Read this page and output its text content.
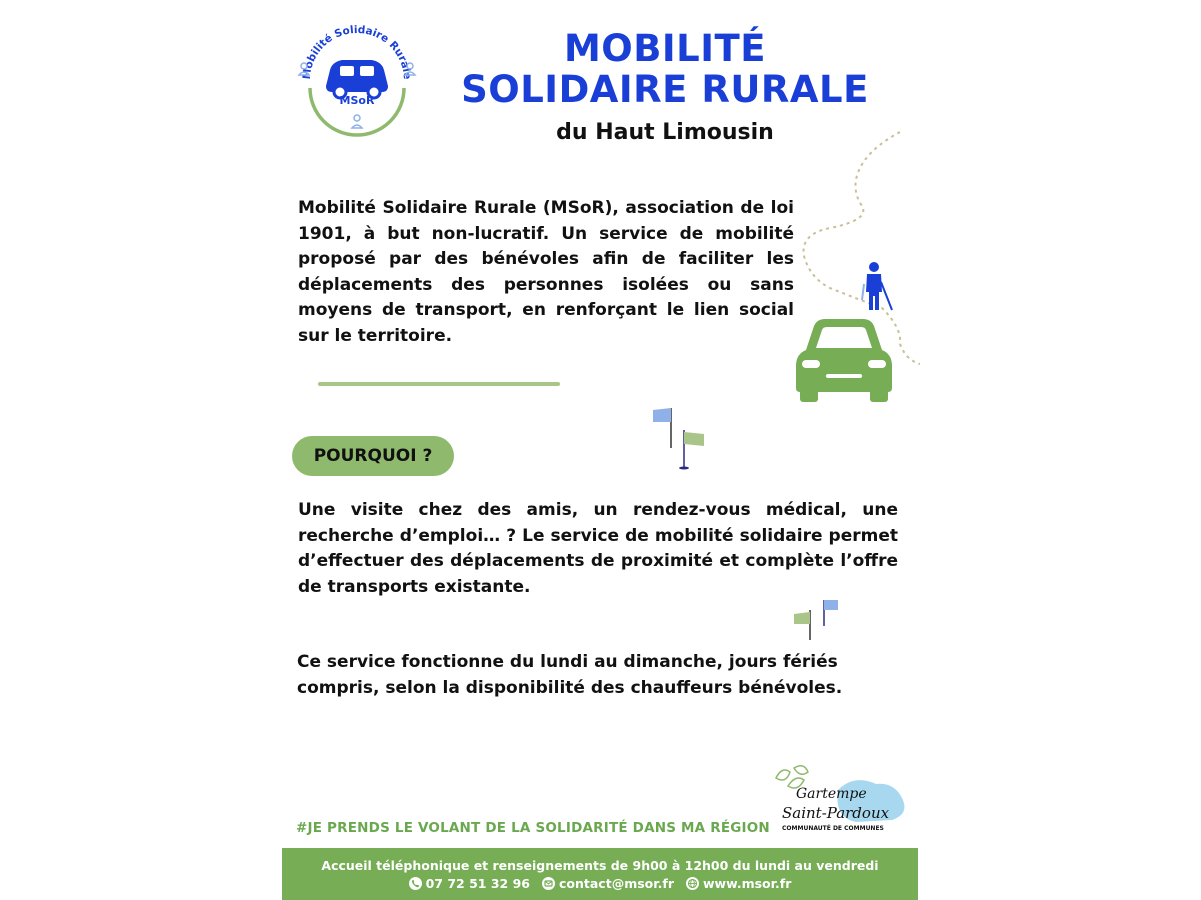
Mobilité Solidaire Rurale
MSoR
MOBILITÉ
SOLIDAIRE RURALE
du Haut Limousin
Mobilité Solidaire Rurale (MSoR), association de loi 1901, à but non-lucratif. Un service de mobilité proposé par des bénévoles afin de faciliter les déplacements des personnes isolées ou sans moyens de transport, en renforçant le lien social sur le territoire.
POURQUOI ?
Une visite chez des amis, un rendez-vous médical, une recherche d’emploi… ? Le service de mobilité solidaire permet d’effectuer des déplacements de proximité et complète l’offre de transports existante.
Ce service fonctionne du lundi au dimanche, jours fériés compris, selon la disponibilité des chauffeurs bénévoles.
Gartempe
Saint-Pardoux
COMMUNAUTÉ DE COMMUNES
#JE PRENDS LE VOLANT DE LA SOLIDARITÉ DANS MA RÉGION
Accueil téléphonique et renseignements de 9h00 à 12h00 du lundi au vendredi
07 72 51 32 96 contact@msor.fr www.msor.fr
